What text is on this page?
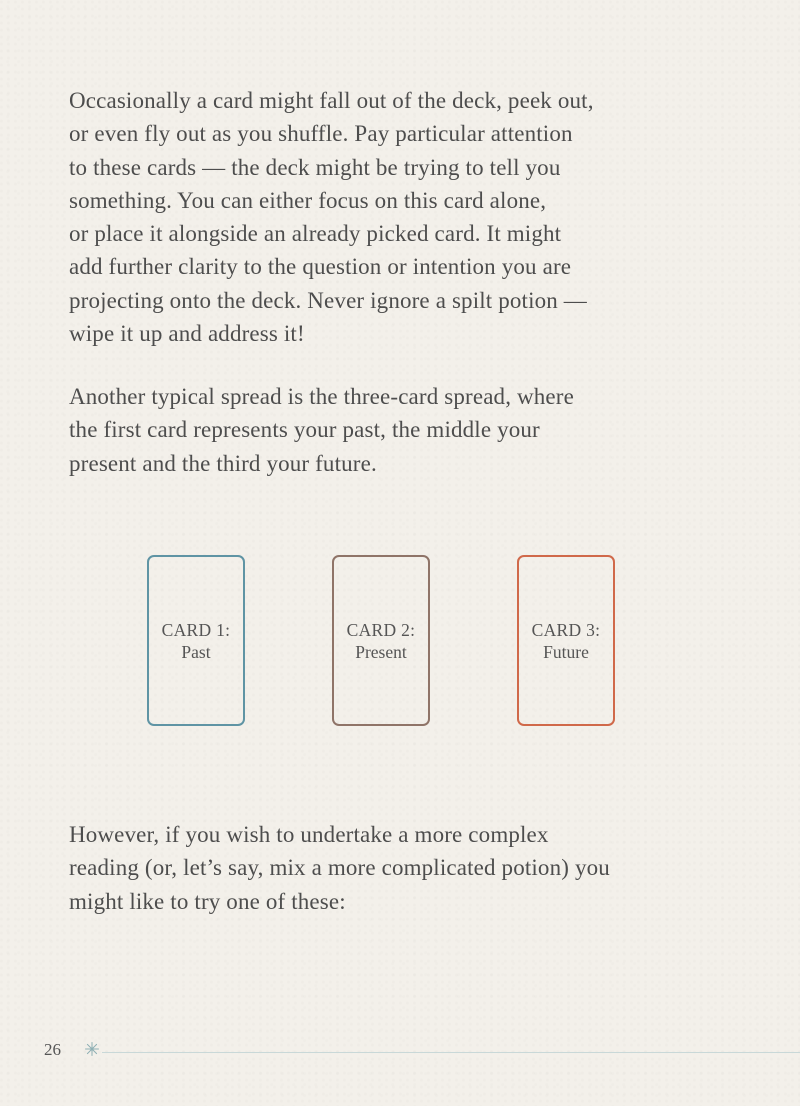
Occasionally a card might fall out of the deck, peek out,
or even fly out as you shuffle. Pay particular attention
to these cards — the deck might be trying to tell you
something. You can either focus on this card alone,
or place it alongside an already picked card. It might
add further clarity to the question or intention you are
projecting onto the deck. Never ignore a spilt potion —
wipe it up and address it!
Another typical spread is the three-card spread, where
the first card represents your past, the middle your
present and the third your future.
CARD 1:
Past
CARD 2:
Present
CARD 3:
Future
However, if you wish to undertake a more complex
reading (or, let’s say, mix a more complicated potion) you
might like to try one of these:
26
